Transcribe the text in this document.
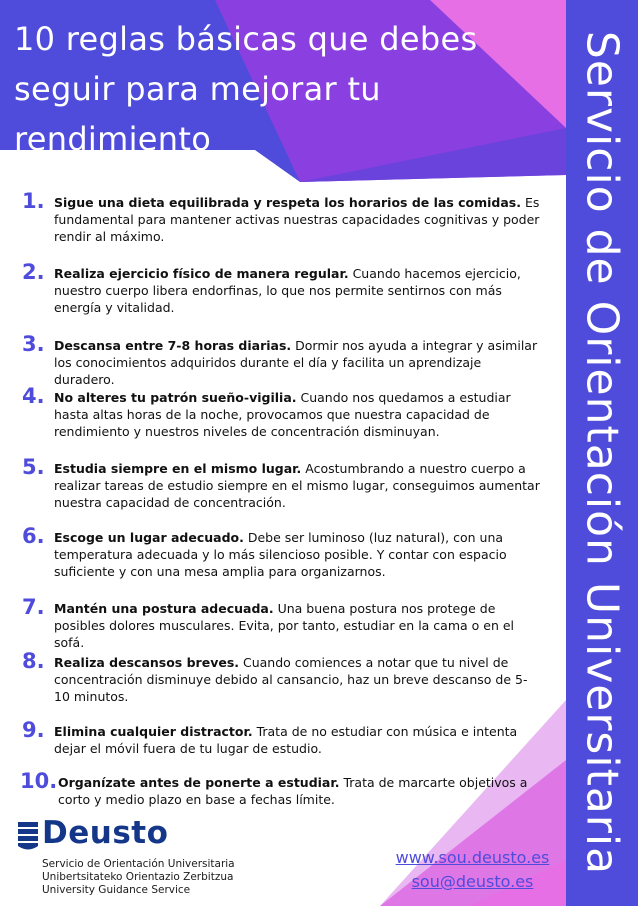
Servicio de Orientación Universitaria
10 reglas básicas que debes
seguir para mejorar tu
rendimiento
1. Sigue una dieta equilibrada y respeta los horarios de las comidas. Es fundamental para mantener activas nuestras capacidades cognitivas y poder rendir al máximo.

2. Realiza ejercicio físico de manera regular. Cuando hacemos ejercicio, nuestro cuerpo libera endorfinas, lo que nos permite sentirnos con más energía y vitalidad.

3. Descansa entre 7-8 horas diarias. Dormir nos ayuda a integrar y asimilar los conocimientos adquiridos durante el día y facilita un aprendizaje duradero.

4. No alteres tu patrón sueño-vigilia. Cuando nos quedamos a estudiar hasta altas horas de la noche, provocamos que nuestra capacidad de rendimiento y nuestros niveles de concentración disminuyan.

5. Estudia siempre en el mismo lugar. Acostumbrando a nuestro cuerpo a realizar tareas de estudio siempre en el mismo lugar, conseguimos aumentar nuestra capacidad de concentración.

6. Escoge un lugar adecuado. Debe ser luminoso (luz natural), con una temperatura adecuada y lo más silencioso posible. Y contar con espacio suficiente y con una mesa amplia para organizarnos.

7. Mantén una postura adecuada. Una buena postura nos protege de posibles dolores musculares. Evita, por tanto, estudiar en la cama o en el sofá.

8. Realiza descansos breves. Cuando comiences a notar que tu nivel de concentración disminuye debido al cansancio, haz un breve descanso de 5-10 minutos.

9. Elimina cualquier distractor. Trata de no estudiar con música e intenta dejar el móvil fuera de tu lugar de estudio.

10. Organízate antes de ponerte a estudiar. Trata de marcarte objetivos a corto y medio plazo en base a fechas límite.

Deusto
Servicio de Orientación Universitaria
Unibertsitateko Orientazio Zerbitzua
University Guidance Service
www.sou.deusto.es
sou@deusto.es
